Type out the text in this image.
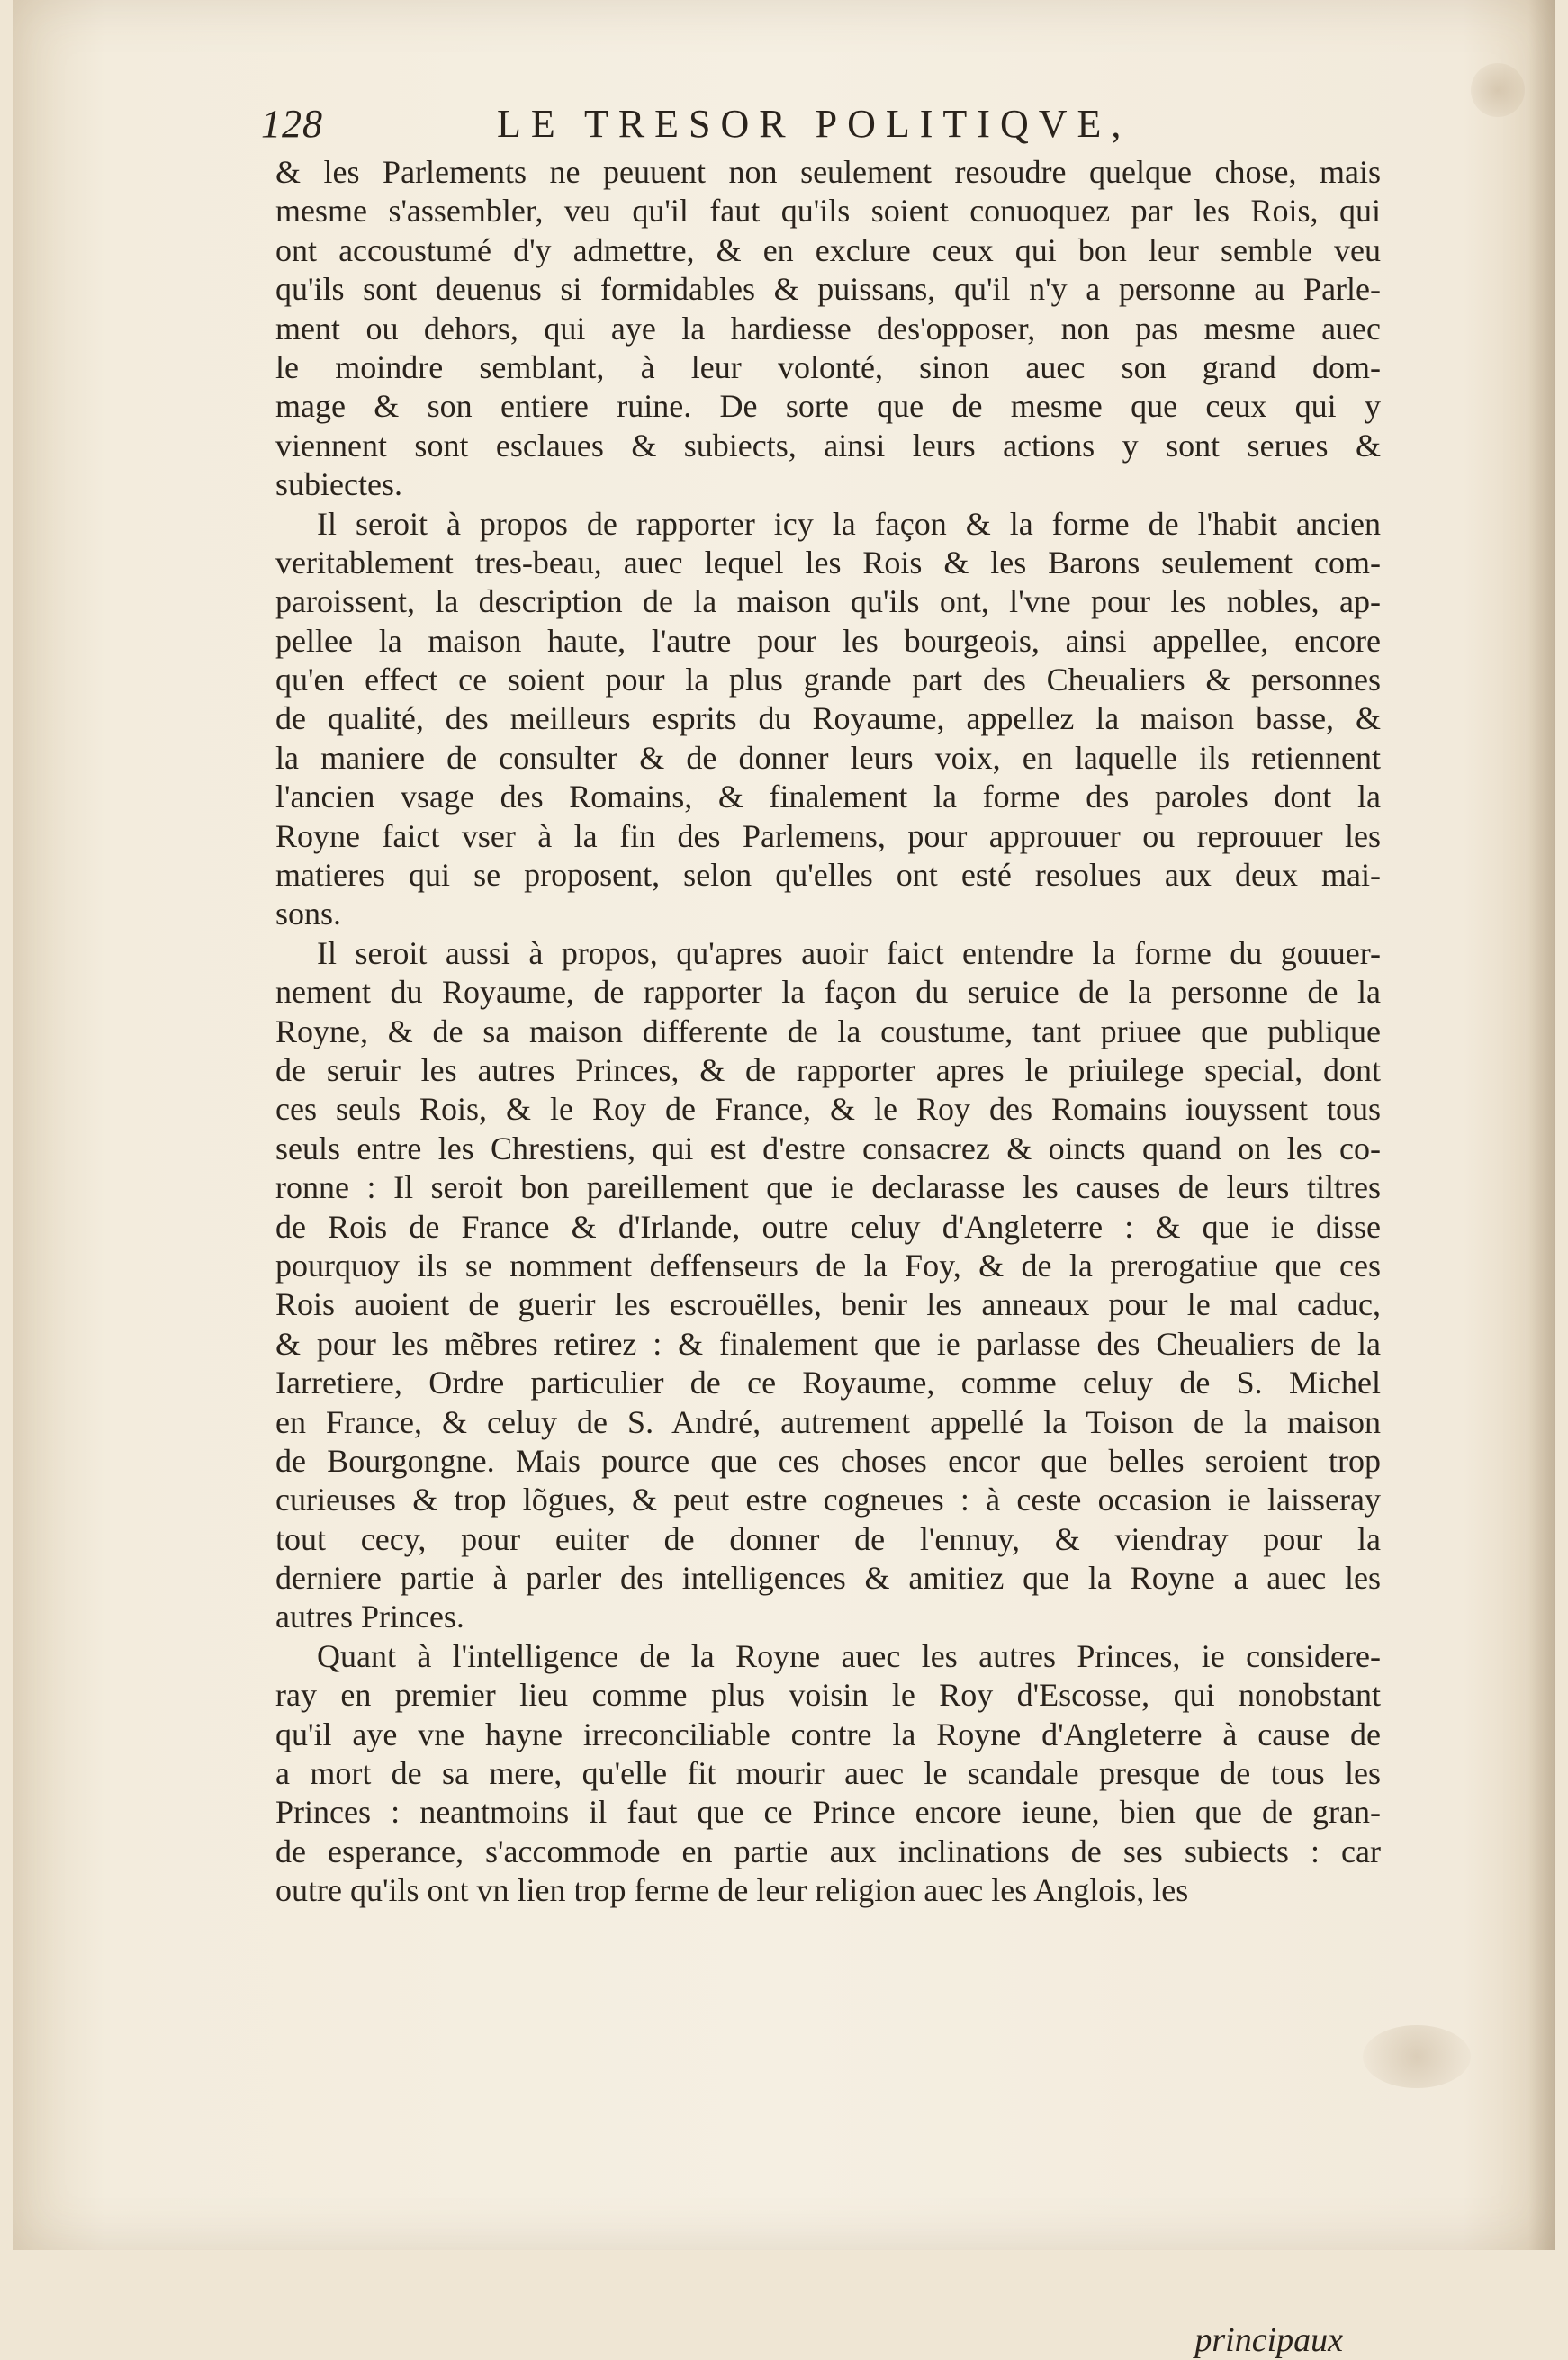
128	LE TRESOR POLITIQVE,
& les Parlements ne peuuent non seulement resoudre quelque chose, mais
mesme s'assembler, veu qu'il faut qu'ils soient conuoquez par les Rois, qui
ont accoustumé d'y admettre, & en exclure ceux qui bon leur semble veu
qu'ils sont deuenus si formidables & puissans, qu'il n'y a personne au Parle-
ment ou dehors, qui aye la hardiesse des'opposer, non pas mesme auec
le moindre semblant, à leur volonté, sinon auec son grand dom-
mage & son entiere ruine. De sorte que de mesme que ceux qui y
viennent sont esclaues & subiects, ainsi leurs actions y sont serues &
subiectes.
Il seroit à propos de rapporter icy la façon & la forme de l'habit ancien
veritablement tres-beau, auec lequel les Rois & les Barons seulement com-
paroissent, la description de la maison qu'ils ont, l'vne pour les nobles, ap-
pellee la maison haute, l'autre pour les bourgeois, ainsi appellee, encore
qu'en effect ce soient pour la plus grande part des Cheualiers & personnes
de qualité, des meilleurs esprits du Royaume, appellez la maison basse, &
la maniere de consulter & de donner leurs voix, en laquelle ils retiennent
l'ancien vsage des Romains, & finalement la forme des paroles dont la
Royne faict vser à la fin des Parlemens, pour approuuer ou reprouuer les
matieres qui se proposent, selon qu'elles ont esté resolues aux deux mai-
sons.
Il seroit aussi à propos, qu'apres auoir faict entendre la forme du gouuer-
nement du Royaume, de rapporter la façon du seruice de la personne de la
Royne, & de sa maison differente de la coustume, tant priuee que publique
de seruir les autres Princes, & de rapporter apres le priuilege special, dont
ces seuls Rois, & le Roy de France, & le Roy des Romains iouyssent tous
seuls entre les Chrestiens, qui est d'estre consacrez & oincts quand on les co-
ronne : Il seroit bon pareillement que ie declarasse les causes de leurs tiltres
de Rois de France & d'Irlande, outre celuy d'Angleterre : & que ie disse
pourquoy ils se nomment deffenseurs de la Foy, & de la prerogatiue que ces
Rois auoient de guerir les escrouëlles, benir les anneaux pour le mal caduc,
& pour les mẽbres retirez : & finalement que ie parlasse des Cheualiers de la
Iarretiere, Ordre particulier de ce Royaume, comme celuy de S. Michel
en France, & celuy de S. André, autrement appellé la Toison de la maison
de Bourgongne. Mais pource que ces choses encor que belles seroient trop
curieuses & trop lõgues, & peut estre cogneues : à ceste occasion ie laisseray
tout cecy, pour euiter de donner de l'ennuy, & viendray pour la
derniere partie à parler des intelligences & amitiez que la Royne a auec les
autres Princes.
Quant à l'intelligence de la Royne auec les autres Princes, ie considere-
ray en premier lieu comme plus voisin le Roy d'Escosse, qui nonobstant
qu'il aye vne hayne irreconciliable contre la Royne d'Angleterre à cause de
a mort de sa mere, qu'elle fit mourir auec le scandale presque de tous les
Princes : neantmoins il faut que ce Prince encore ieune, bien que de gran-
de esperance, s'accommode en partie aux inclinations de ses subiects : car
outre qu'ils ont vn lien trop ferme de leur religion auec les Anglois, les
principaux
